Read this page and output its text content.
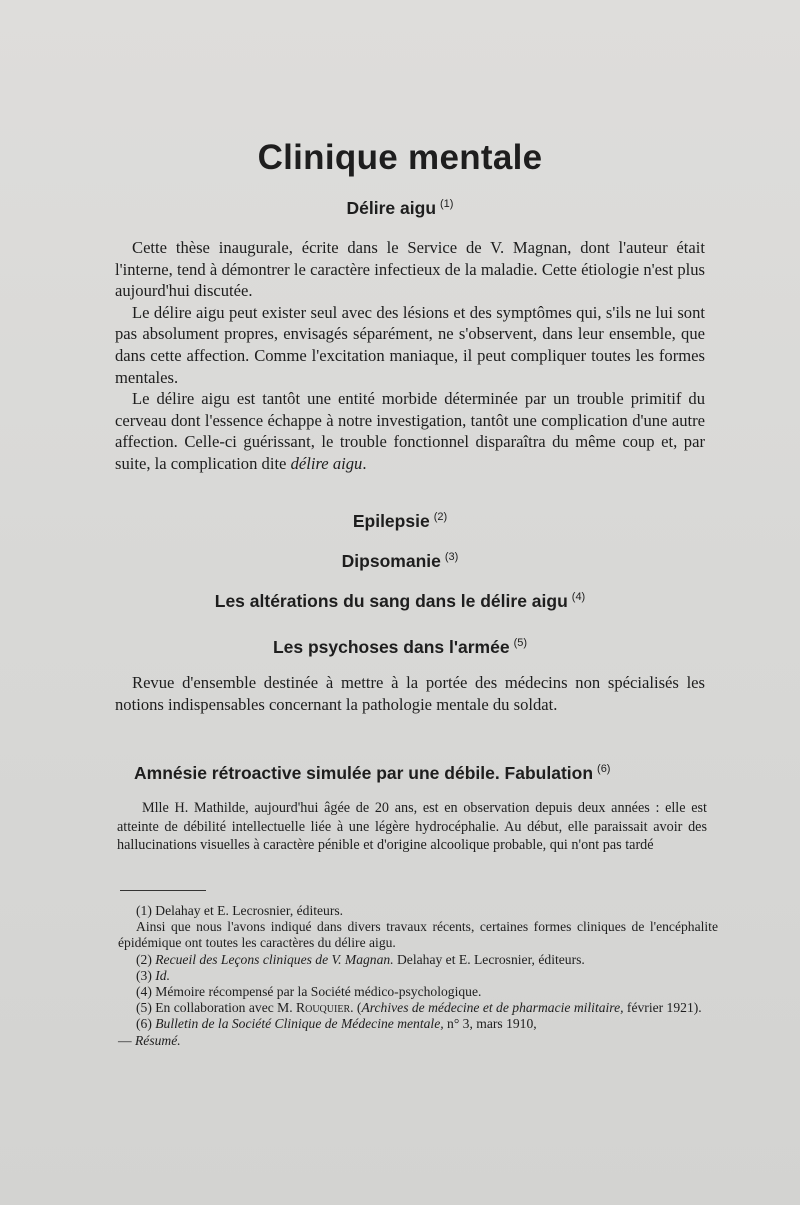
Clinique mentale
Délire aigu $^{(1)}$

Cette thèse inaugurale, écrite dans le Service de V. Magnan, dont l'auteur était l'interne, tend à démontrer le caractère infectieux de la maladie. Cette étiologie n'est plus aujourd'hui discutée.

Le délire aigu peut exister seul avec des lésions et des symptômes qui, s'ils ne lui sont pas absolument propres, envisagés séparément, ne s'observent, dans leur ensemble, que dans cette affection. Comme l'excitation maniaque, il peut compliquer toutes les formes mentales.

Le délire aigu est tantôt une entité morbide déterminée par un trouble primitif du cerveau dont l'essence échappe à notre investigation, tantôt une complication d'une autre affection. Celle-ci guérissant, le trouble fonctionnel disparaîtra du même coup et, par suite, la complication dite délire aigu.

Epilepsie $^{(2)}$
Dipsomanie $^{(3)}$
Les altérations du sang dans le délire aigu $^{(4)}$
Les psychoses dans l'armée $^{(5)}$

Revue d'ensemble destinée à mettre à la portée des médecins non spécialisés les notions indispensables concernant la pathologie mentale du soldat.

Amnésie rétroactive simulée par une débile. Fabulation $^{(6)}$

Mlle H. Mathilde, aujourd'hui âgée de 20 ans, est en observation depuis deux années : elle est atteinte de débilité intellectuelle liée à une légère hydrocéphalie. Au début, elle paraissait avoir des hallucinations visuelles à caractère pénible et d'origine alcoolique probable, qui n'ont pas tardé

(1) Delahay et E. Lecrosnier, éditeurs.

Ainsi que nous l'avons indiqué dans divers travaux récents, certaines formes cliniques de l'encéphalite épidémique ont toutes les caractères du délire aigu.

(2) Recueil des Leçons cliniques de V. Magnan. Delahay et E. Lecrosnier, éditeurs.

(3) Id.

(4) Mémoire récompensé par la Société médico-psychologique.

(5) En collaboration avec M. Rouquier. (Archives de médecine et de pharmacie militaire, février 1921).

(6) Bulletin de la Société Clinique de Médecine mentale, n° 3, mars 1910,

— Résumé.
